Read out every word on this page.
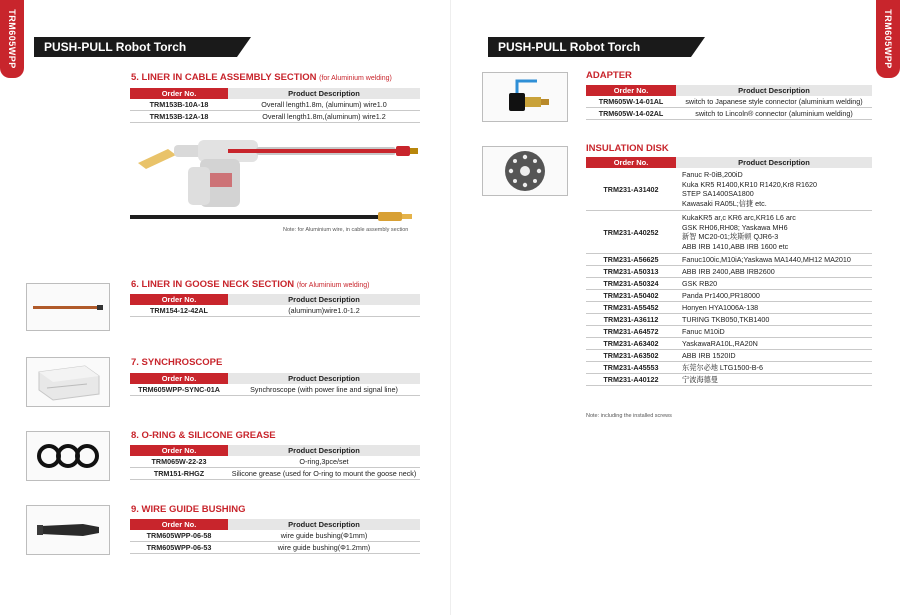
TRM605WPP	TRM605WPP
PUSH-PULL Robot Torch	PUSH-PULL Robot Torch
5. LINER IN CABLE ASSEMBLY SECTION (for Aluminium welding)
Order No.	Product Description
TRM153B-10A-18	Overall length1.8m, (aluminum) wire1.0
TRM153B-12A-18	Overall length1.8m,(aluminum) wire1.2
Note: for Aluminium wire, in cable assembly section
6. LINER IN GOOSE NECK SECTION (for Aluminium welding)
Order No.	Product Description
TRM154-12-42AL	(aluminum)wire1.0-1.2
7. SYNCHROSCOPE
Order No.	Product Description
TRM605WPP-SYNC-01A	Synchroscope (with power line and signal line)
8. O-RING & SILICONE GREASE
Order No.	Product Description
TRM065W-22-23	O-ring,3pce/set
TRM151-RHGZ	Silicone grease (used for O-ring to mount the goose neck)
9. WIRE GUIDE BUSHING
Order No.	Product Description
TRM605WPP-06-58	wire guide bushing(Φ1mm)
TRM605WPP-06-53	wire guide bushing(Φ1.2mm)
ADAPTER
Order No.	Product Description
TRM605W-14-01AL	switch to Japanese style connector (aluminium welding)
TRM605W-14-02AL	switch to Lincoln® connector (aluminium welding)
INSULATION DISK
Order No.	Product Description
TRM231-A31402	Fanuc R-0iB,200iD
Kuka KR5 R1400,KR10 R1420,Kr8 R1620
STEP SA1400SA1800
Kawasaki RA05L;信捷 etc.

TRM231-A40252	KukaKR5 ar,c KR6 arc,KR16 L6 arc
GSK RH06,RH08; Yaskawa MH6
新智 MC20-01;埃斯顿 QJR6-3
ABB IRB 1410,ABB IRB 1600 etc

TRM231-A56625	Fanuc100ic,M10iA;Yaskawa MA1440,MH12 MA2010

TRM231-A50313	ABB IRB 2400,ABB IRB2600

TRM231-A50324	GSK RB20

TRM231-A50402	Panda Pr1400,PR18000

TRM231-A55452	Honyen HYA1006A-138

TRM231-A36112	TURING TKB050,TKB1400

TRM231-A64572	Fanuc M10iD

TRM231-A63402	YaskawaRA10L,RA20N

TRM231-A63502	ABB IRB 1520ID

TRM231-A45553	东莞尔必地 LTG1500-B-6

TRM231-A40122	宁波海德曼
Note: including the installed screws
